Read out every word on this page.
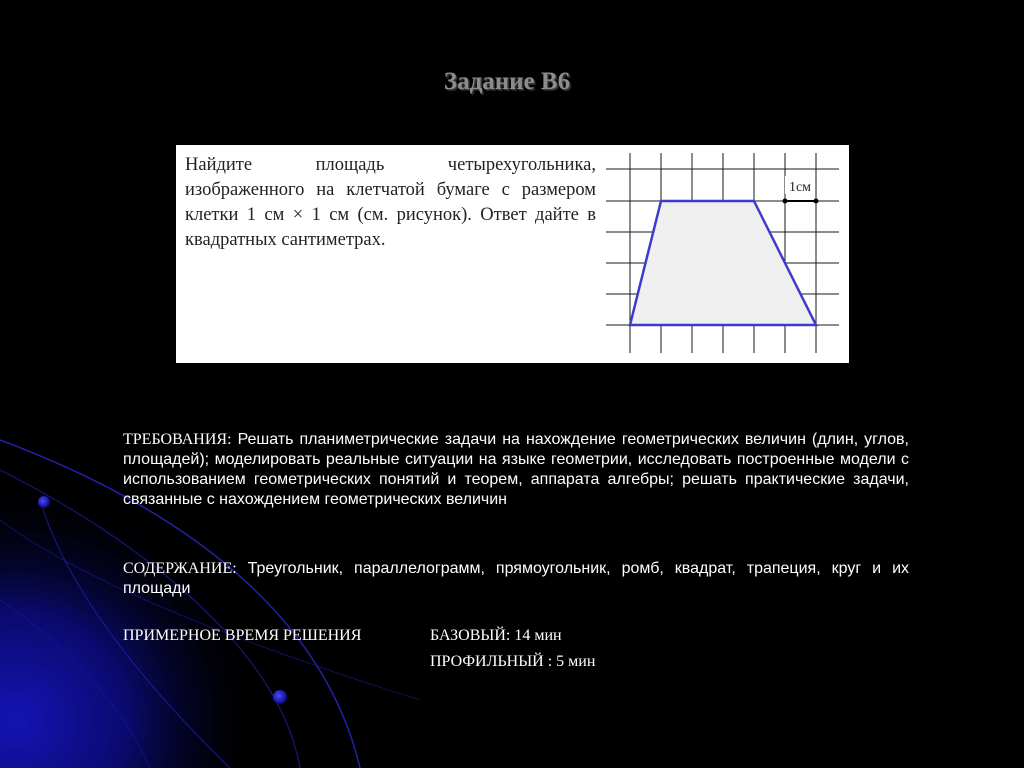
Задание В6

Найдите площадь четырехугольника, изображенного на клетчатой бумаге с размером клетки 1 см × 1 см (см. рисунок). Ответ дайте в квадратных сантиметрах.

1см

ТРЕБОВАНИЯ: Решать планиметрические задачи на нахождение геометрических величин (длин, углов, площадей); моделировать реальные ситуации на языке геометрии, исследовать построенные модели с использованием геометрических понятий и теорем, аппарата алгебры; решать практические задачи, связанные с нахождением геометрических величин

СОДЕРЖАНИЕ: Треугольник, параллелограмм, прямоугольник, ромб, квадрат, трапеция, круг и их площади

ПРИМЕРНОЕ ВРЕМЯ РЕШЕНИЯ	БАЗОВЫЙ: 14 мин
ПРОФИЛЬНЫЙ : 5 мин
